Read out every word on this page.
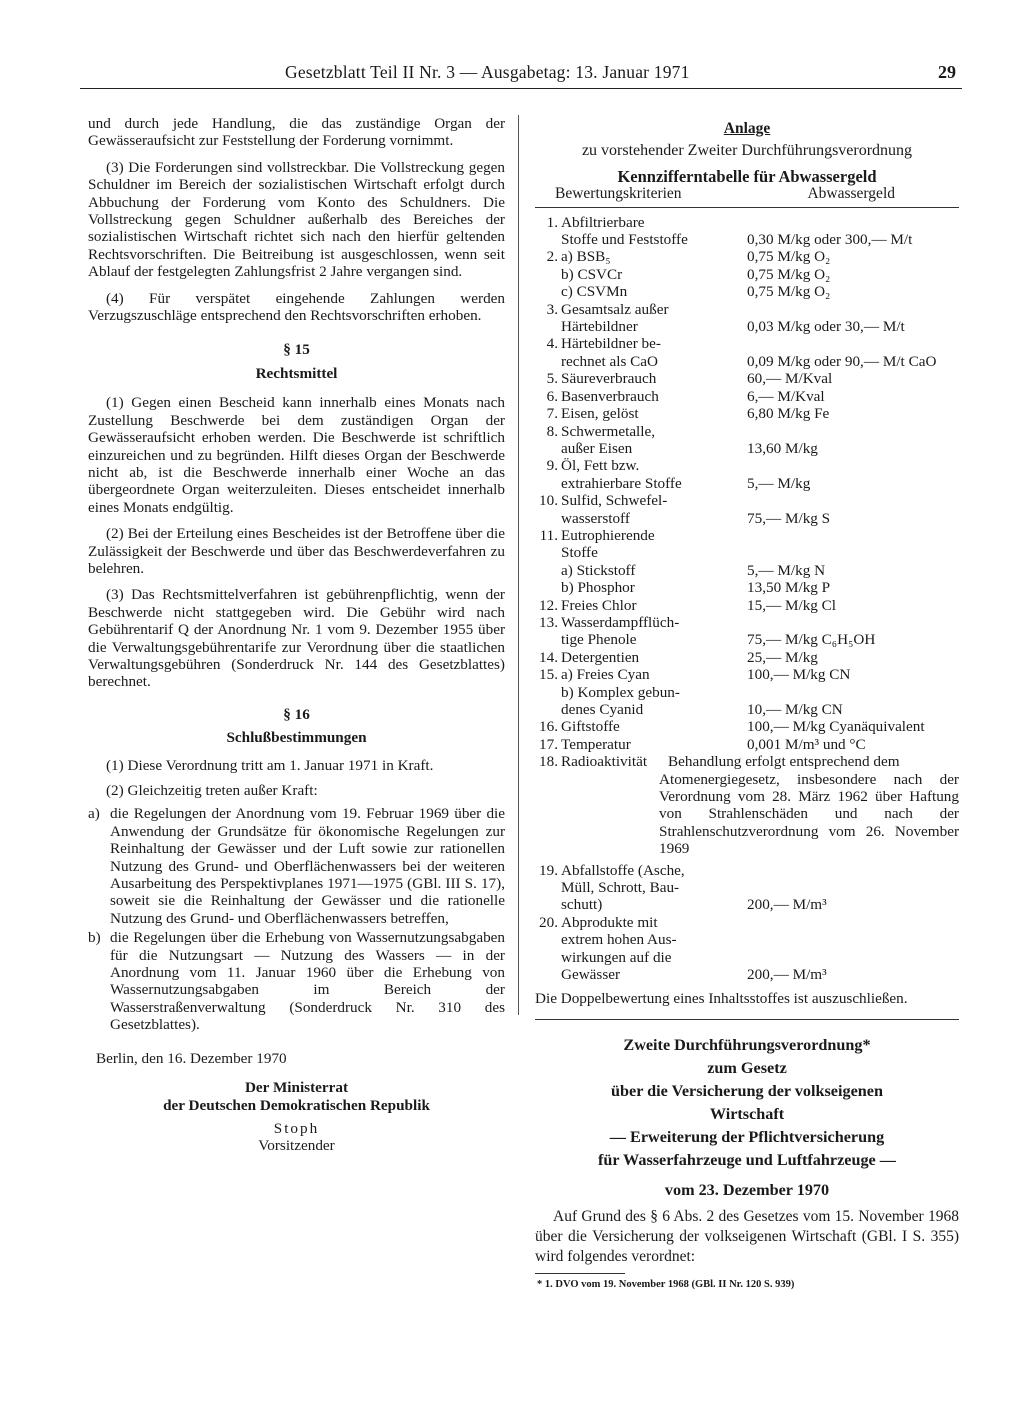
Gesetzblatt Teil II Nr. 3 — Ausgabetag: 13. Januar 1971	29

und durch jede Handlung, die das zuständige Organ der Gewässeraufsicht zur Feststellung der Forderung vornimmt.

(3) Die Forderungen sind vollstreckbar. Die Vollstreckung gegen Schuldner im Bereich der sozialistischen Wirtschaft erfolgt durch Abbuchung der Forderung vom Konto des Schuldners. Die Vollstreckung gegen Schuldner außerhalb des Bereiches der sozialistischen Wirtschaft richtet sich nach den hierfür geltenden Rechtsvorschriften. Die Beitreibung ist ausgeschlossen, wenn seit Ablauf der festgelegten Zahlungsfrist 2 Jahre vergangen sind.

(4) Für verspätet eingehende Zahlungen werden Verzugszuschläge entsprechend den Rechtsvorschriften erhoben.

§ 15

Rechtsmittel

(1) Gegen einen Bescheid kann innerhalb eines Monats nach Zustellung Beschwerde bei dem zuständigen Organ der Gewässeraufsicht erhoben werden. Die Beschwerde ist schriftlich einzureichen und zu begründen. Hilft dieses Organ der Beschwerde nicht ab, ist die Beschwerde innerhalb einer Woche an das übergeordnete Organ weiterzuleiten. Dieses entscheidet innerhalb eines Monats endgültig.

(2) Bei der Erteilung eines Bescheides ist der Betroffene über die Zulässigkeit der Beschwerde und über das Beschwerdeverfahren zu belehren.

(3) Das Rechtsmittelverfahren ist gebührenpflichtig, wenn der Beschwerde nicht stattgegeben wird. Die Gebühr wird nach Gebührentarif Q der Anordnung Nr. 1 vom 9. Dezember 1955 über die Verwaltungsgebührentarife zur Verordnung über die staatlichen Verwaltungsgebühren (Sonderdruck Nr. 144 des Gesetzblattes) berechnet.

§ 16

Schlußbestimmungen

(1) Diese Verordnung tritt am 1. Januar 1971 in Kraft.

(2) Gleichzeitig treten außer Kraft:

a) die Regelungen der Anordnung vom 19. Februar 1969 über die Anwendung der Grundsätze für ökonomische Regelungen zur Reinhaltung der Gewässer und der Luft sowie zur rationellen Nutzung des Grund- und Oberflächenwassers bei der weiteren Ausarbeitung des Perspektivplanes 1971—1975 (GBl. III S. 17), soweit sie die Reinhaltung der Gewässer und die rationelle Nutzung des Grund- und Oberflächenwassers betreffen,
b) die Regelungen über die Erhebung von Wassernutzungsabgaben für die Nutzungsart — Nutzung des Wassers — in der Anordnung vom 11. Januar 1960 über die Erhebung von Wassernutzungsabgaben im Bereich der Wasserstraßenverwaltung (Sonderdruck Nr. 310 des Gesetzblattes).

Berlin, den 16. Dezember 1970

Der Ministerrat
der Deutschen Demokratischen Republik
Stoph
Vorsitzender
Anlage
zu vorstehender Zweiter Durchführungsverordnung
Kennzifferntabelle für Abwassergeld
Bewertungskriterien	Abwassergeld
1. Abfiltrierbare
Stoffe und Feststoffe	0,30 M/kg oder 300,— M/t
2. a) BSB₅	0,75 M/kg O₂
b) CSVCr	0,75 M/kg O₂
c) CSVMn	0,75 M/kg O₂
3. Gesamtsalz außer
Härtebildner	0,03 M/kg oder 30,— M/t
4. Härtebildner be-
rechnet als CaO	0,09 M/kg oder 90,— M/t CaO
5. Säureverbrauch	60,— M/Kval
6. Basenverbrauch	6,— M/Kval
7. Eisen, gelöst	6,80 M/kg Fe
8. Schwermetalle,
außer Eisen	13,60 M/kg
9. Öl, Fett bzw.
extrahierbare Stoffe	5,— M/kg
10. Sulfid, Schwefel-
wasserstoff	75,— M/kg S
11. Eutrophierende
Stoffe
a) Stickstoff	5,— M/kg N
b) Phosphor	13,50 M/kg P
12. Freies Chlor	15,— M/kg Cl
13. Wasserdampfflüch-
tige Phenole	75,— M/kg C₆H₅OH
14. Detergentien	25,— M/kg
15. a) Freies Cyan	100,— M/kg CN
b) Komplex gebun-
denes Cyanid	10,— M/kg CN
16. Giftstoffe	100,— M/kg Cyanäquivalent
17. Temperatur	0,001 M/m³ und °C
18. Radioaktivität	Behandlung erfolgt entsprechend dem
Atomenergiegesetz, insbesondere nach der Verordnung vom 28. März 1962 über Haftung von Strahlenschäden und nach der Strahlenschutzverordnung vom 26. November 1969
19. Abfallstoffe (Asche,
Müll, Schrott, Bau-
schutt)	200,— M/m³
20. Abprodukte mit
extrem hohen Aus-
wirkungen auf die
Gewässer	200,— M/m³

Die Doppelbewertung eines Inhaltsstoffes ist auszuschließen.

Zweite Durchführungsverordnung*
zum Gesetz
über die Versicherung der volkseigenen
Wirtschaft
— Erweiterung der Pflichtversicherung
für Wasserfahrzeuge und Luftfahrzeuge —
vom 23. Dezember 1970

Auf Grund des § 6 Abs. 2 des Gesetzes vom 15. November 1968 über die Versicherung der volkseigenen Wirtschaft (GBl. I S. 355) wird folgendes verordnet:

* 1. DVO vom 19. November 1968 (GBl. II Nr. 120 S. 939)
